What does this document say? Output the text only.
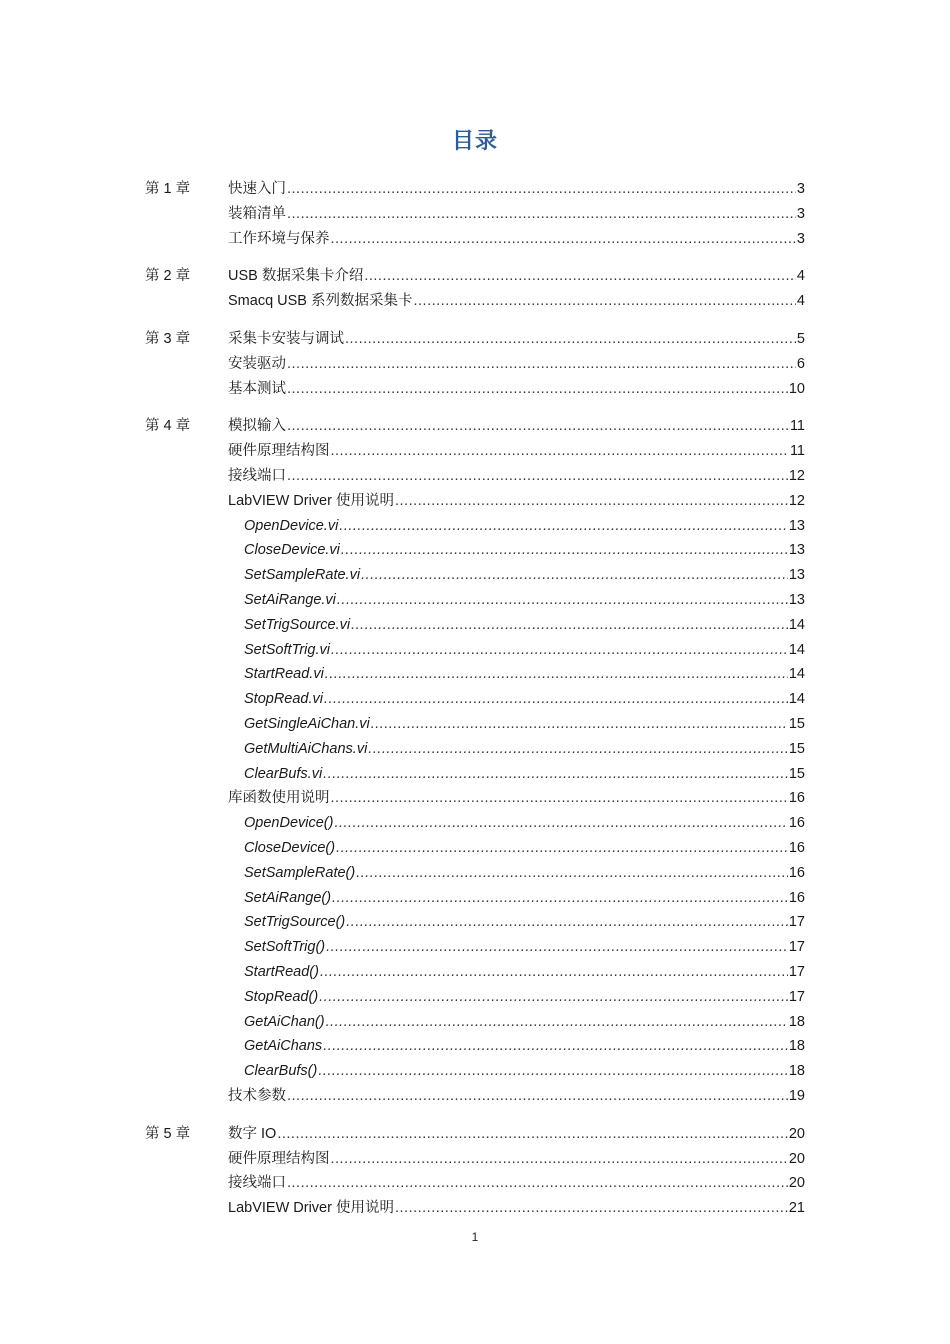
目录
第 1 章	快速入门 .....	3
装箱清单 .....	3
工作环境与保养 .....	3
第 2 章	USB 数据采集卡介绍 .....	4
Smacq USB 系列数据采集卡 .....	4
第 3 章	采集卡安装与调试 .....	5
安装驱动 .....	6
基本测试 .....	10
第 4 章	模拟输入 .....	11
硬件原理结构图 .....	11
接线端口 .....	12
LabVIEW Driver 使用说明 .....	12
OpenDevice.vi .....	13
CloseDevice.vi .....	13
SetSampleRate.vi .....	13
SetAiRange.vi .....	13
SetTrigSource.vi .....	14
SetSoftTrig.vi .....	14
StartRead.vi .....	14
StopRead.vi .....	14
GetSingleAiChan.vi .....	15
GetMultiAiChans.vi .....	15
ClearBufs.vi .....	15
库函数使用说明 .....	16
OpenDevice() .....	16
CloseDevice() .....	16
SetSampleRate() .....	16
SetAiRange() .....	16
SetTrigSource() .....	17
SetSoftTrig() .....	17
StartRead() .....	17
StopRead() .....	17
GetAiChan() .....	18
GetAiChans .....	18
ClearBufs() .....	18
技术参数 .....	19
第 5 章	数字 IO .....	20
硬件原理结构图 .....	20
接线端口 .....	20
LabVIEW Driver 使用说明 .....	21
1
